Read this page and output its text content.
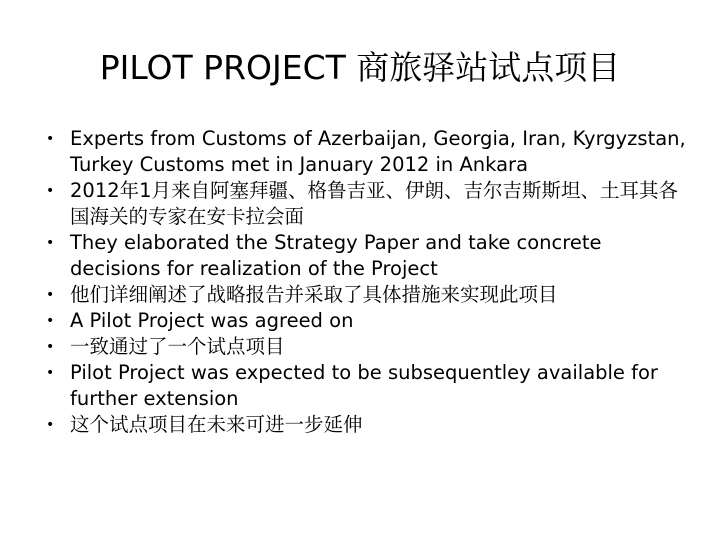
PILOT PROJECT 商旅驿站试点项目
• Experts from Customs of Azerbaijan, Georgia, Iran, Kyrgyzstan, Turkey Customs met in January 2012 in Ankara
• 2012年1月来自阿塞拜疆、格鲁吉亚、伊朗、吉尔吉斯斯坦、土耳其各国海关的专家在安卡拉会面
• They elaborated the Strategy Paper and take concrete decisions for realization of the Project
• 他们详细阐述了战略报告并采取了具体措施来实现此项目
• A Pilot Project was agreed on
• 一致通过了一个试点项目
• Pilot Project was expected to be subsequentley available for further extension
• 这个试点项目在未来可进一步延伸
